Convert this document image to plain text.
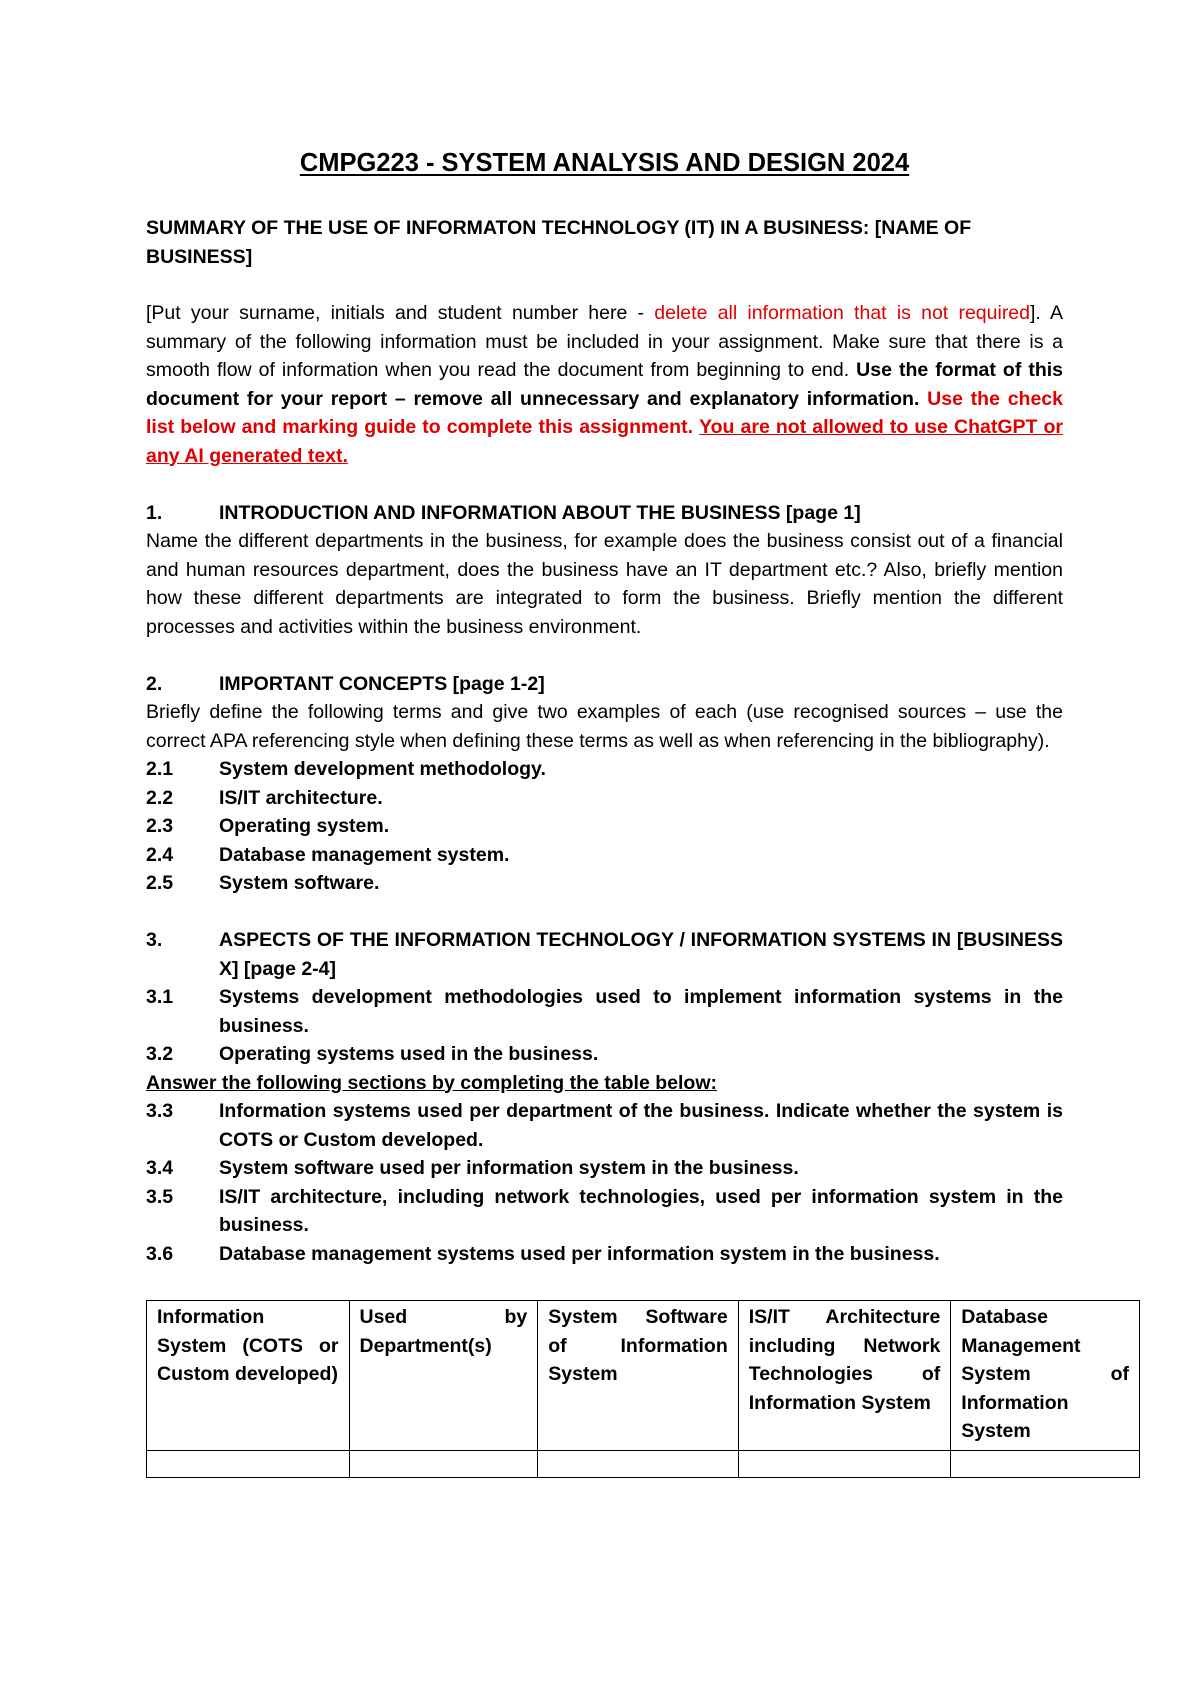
CMPG223 - SYSTEM ANALYSIS AND DESIGN 2024
SUMMARY OF THE USE OF INFORMATON TECHNOLOGY (IT) IN A BUSINESS: [NAME OF BUSINESS]

[Put your surname, initials and student number here - delete all information that is not required]. A summary of the following information must be included in your assignment. Make sure that there is a smooth flow of information when you read the document from beginning to end. Use the format of this document for your report – remove all unnecessary and explanatory information. Use the check list below and marking guide to complete this assignment. You are not allowed to use ChatGPT or any AI generated text.

1.	INTRODUCTION AND INFORMATION ABOUT THE BUSINESS [page 1]

Name the different departments in the business, for example does the business consist out of a financial and human resources department, does the business have an IT department etc.? Also, briefly mention how these different departments are integrated to form the business. Briefly mention the different processes and activities within the business environment.

2.	IMPORTANT CONCEPTS [page 1-2]

Briefly define the following terms and give two examples of each (use recognised sources – use the correct APA referencing style when defining these terms as well as when referencing in the bibliography).

2.1	System development methodology.
2.2	IS/IT architecture.
2.3	Operating system.
2.4	Database management system.
2.5	System software.
3.	ASPECTS OF THE INFORMATION TECHNOLOGY / INFORMATION SYSTEMS IN [BUSINESS X] [page 2-4]
3.1	Systems development methodologies used to implement information systems in the business.
3.2	Operating systems used in the business.
Answer the following sections by completing the table below:
3.3	Information systems used per department of the business. Indicate whether the system is COTS or Custom developed.
3.4	System software used per information system in the business.
3.5	IS/IT architecture, including network technologies, used per information system in the business.
3.6	Database management systems used per information system in the business.
Information System (COTS or Custom developed)	Used by Department(s)	System Software of Information System	IS/IT Architecture including Network Technologies of Information System	Database Management System of Information System
